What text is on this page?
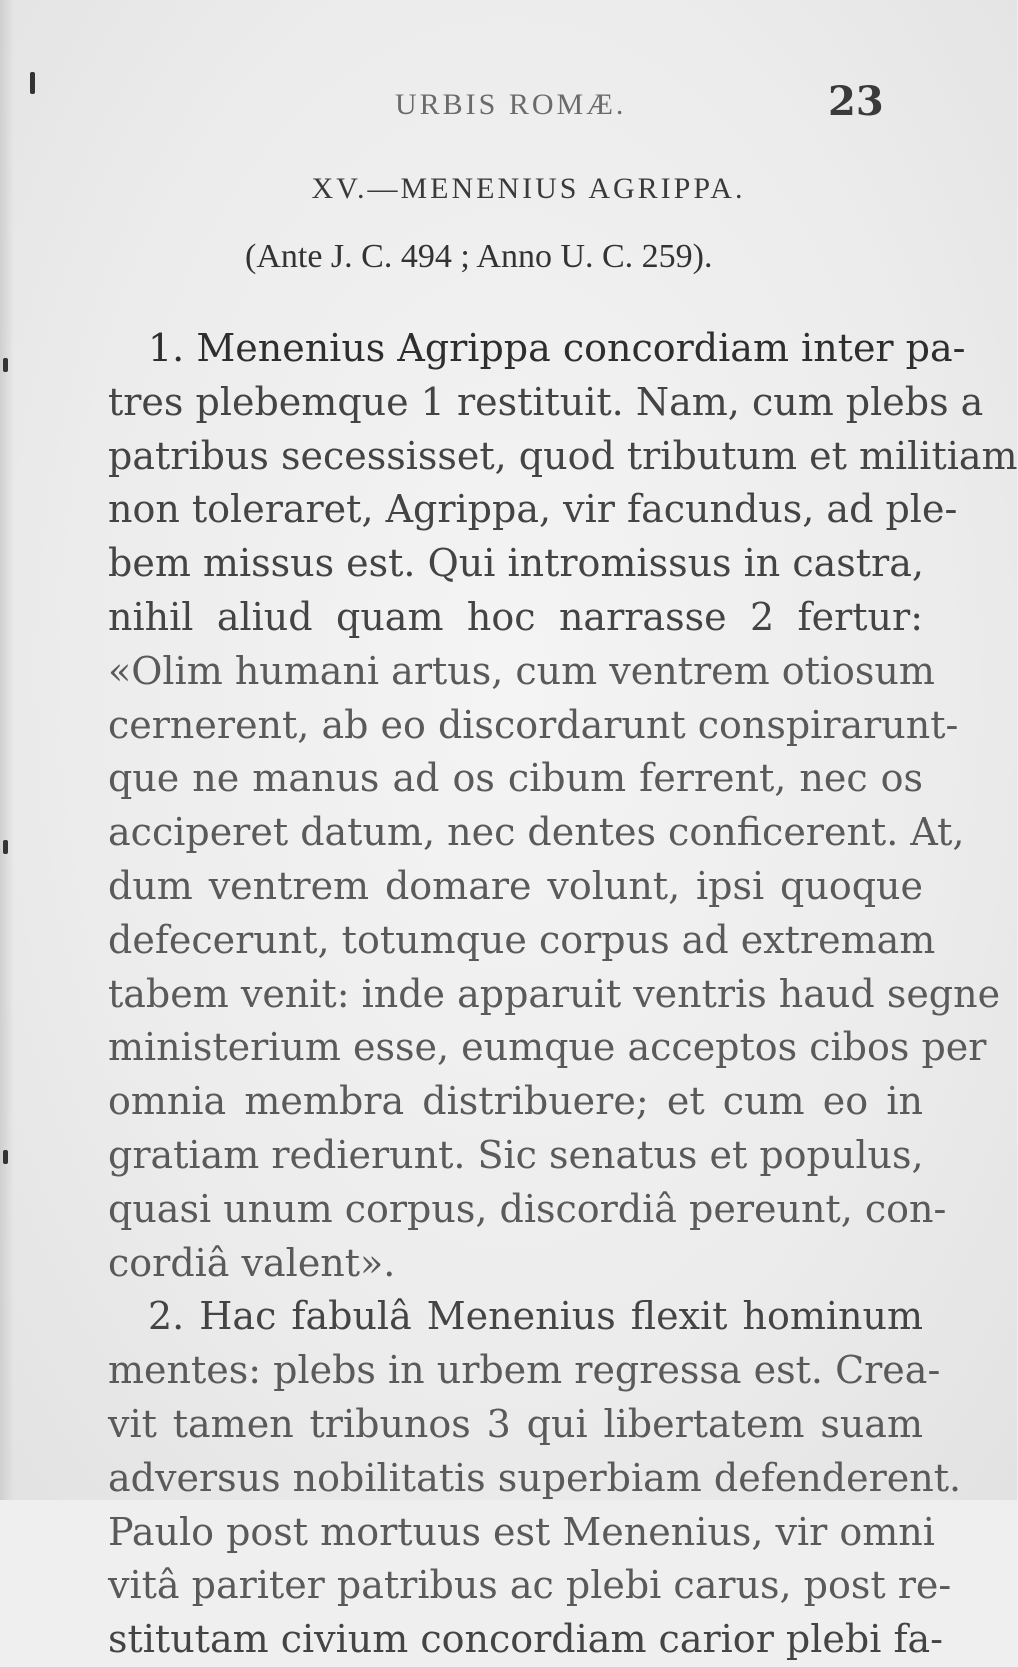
URBIS ROMÆ.	23
XV.—MENENIUS AGRIPPA.
(Ante J. C. 494 ; Anno U. C. 259).
1. Menenius Agrippa concordiam inter pa-
tres plebemque 1 restituit. Nam, cum plebs a
patribus secessisset, quod tributum et militiam
non toleraret, Agrippa, vir facundus, ad ple-
bem missus est. Qui intromissus in castra,
nihil aliud quam hoc narrasse 2 fertur:
«Olim humani artus, cum ventrem otiosum
cernerent, ab eo discordarunt conspirarunt-
que ne manus ad os cibum ferrent, nec os
acciperet datum, nec dentes conficerent. At,
dum ventrem domare volunt, ipsi quoque
defecerunt, totumque corpus ad extremam
tabem venit: inde apparuit ventris haud segne
ministerium esse, eumque acceptos cibos per
omnia membra distribuere; et cum eo in
gratiam redierunt. Sic senatus et populus,
quasi unum corpus, discordiâ pereunt, con-
cordiâ valent».
2. Hac fabulâ Menenius flexit hominum
mentes: plebs in urbem regressa est. Crea-
vit tamen tribunos 3 qui libertatem suam
adversus nobilitatis superbiam defenderent.
Paulo post mortuus est Menenius, vir omni
vitâ pariter patribus ac plebi carus, post re-
stitutam civium concordiam carior plebi fa-
